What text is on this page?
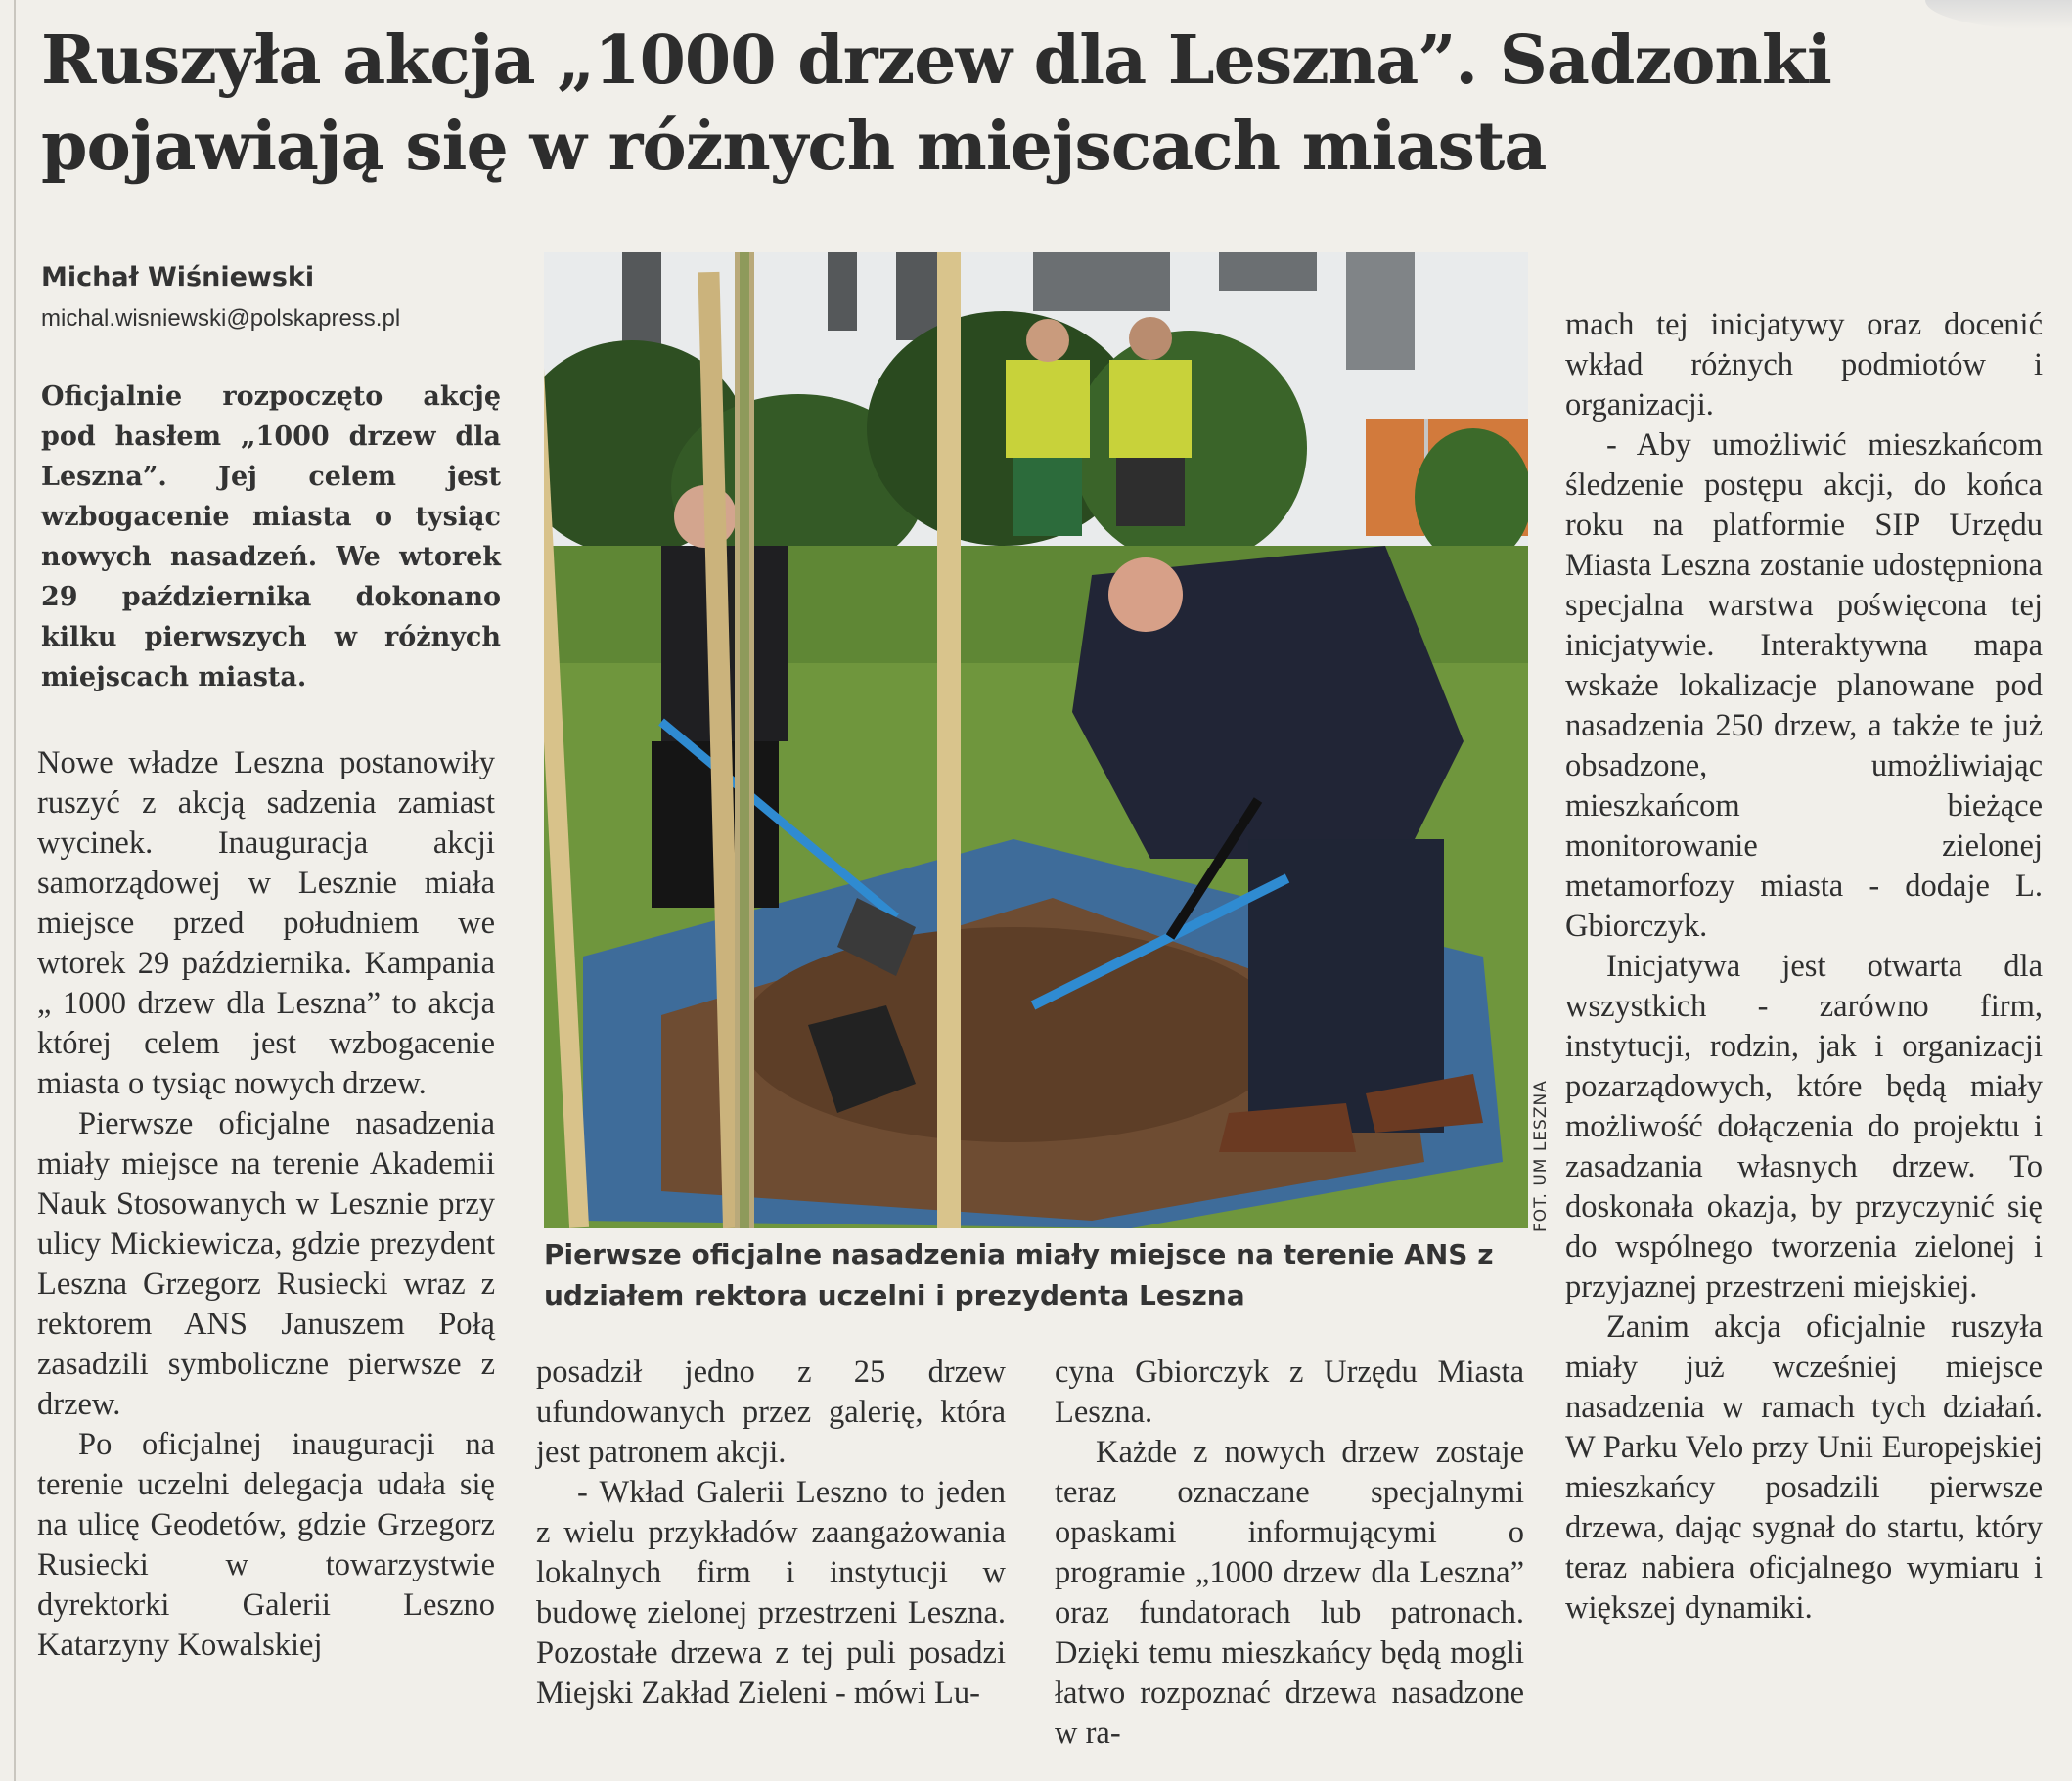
Ruszyła akcja „1000 drzew dla Leszna”. Sadzonki pojawiają się w różnych miejscach miasta

Michał Wiśniewski

michal.wisniewski@polskapress.pl

Oficjalnie rozpoczęto akcję pod hasłem „1000 drzew dla Leszna”. Jej celem jest wzbogacenie miasta o tysiąc nowych nasadzeń. We wtorek 29 października dokonano kilku pierwszych w różnych miejscach miasta.

Nowe władze Leszna postanowiły ruszyć z akcją sadzenia zamiast wycinek. Inauguracja akcji samorządowej w Lesznie miała miejsce przed południem we wtorek 29 października. Kampania „ 1000 drzew dla Leszna” to akcja której celem jest wzbogacenie miasta o tysiąc nowych drzew.

Pierwsze oficjalne nasadzenia miały miejsce na terenie Akademii Nauk Stosowanych w Lesznie przy ulicy Mickiewicza, gdzie prezydent Leszna Grzegorz Rusiecki wraz z rektorem ANS Januszem Połą zasadzili symboliczne pierwsze z drzew.

Po oficjalnej inauguracji na terenie uczelni delegacja udała się na ulicę Geodetów, gdzie Grzegorz Rusiecki w towarzystwie dyrektorki Galerii Leszno Katarzyny Kowalskiej

FOT. UM LESZNA

Pierwsze oficjalne nasadzenia miały miejsce na terenie ANS z udziałem rektora uczelni i prezydenta Leszna

posadził jedno z 25 drzew ufundowanych przez galerię, która jest patronem akcji.

- Wkład Galerii Leszno to jeden z wielu przykładów zaangażowania lokalnych firm i instytucji w budowę zielonej przestrzeni Leszna. Pozostałe drzewa z tej puli posadzi Miejski Zakład Zieleni - mówi Lu-

cyna Gbiorczyk z Urzędu Miasta Leszna.

Każde z nowych drzew zostaje teraz oznaczane specjalnymi opaskami informującymi o programie „1000 drzew dla Leszna” oraz fundatorach lub patronach. Dzięki temu mieszkańcy będą mogli łatwo rozpoznać drzewa nasadzone w ra-

mach tej inicjatywy oraz docenić wkład różnych podmiotów i organizacji.

- Aby umożliwić mieszkańcom śledzenie postępu akcji, do końca roku na platformie SIP Urzędu Miasta Leszna zostanie udostępniona specjalna warstwa poświęcona tej inicjatywie. Interaktywna mapa wskaże lokalizacje planowane pod nasadzenia 250 drzew, a także te już obsadzone, umożliwiając mieszkańcom bieżące monitorowanie zielonej metamorfozy miasta - dodaje L. Gbiorczyk.

Inicjatywa jest otwarta dla wszystkich - zarówno firm, instytucji, rodzin, jak i organizacji pozarządowych, które będą miały możliwość dołączenia do projektu i zasadzania własnych drzew. To doskonała okazja, by przyczynić się do wspólnego tworzenia zielonej i przyjaznej przestrzeni miejskiej.

Zanim akcja oficjalnie ruszyła miały już wcześniej miejsce nasadzenia w ramach tych działań. W Parku Velo przy Unii Europejskiej mieszkańcy posadzili pierwsze drzewa, dając sygnał do startu, który teraz nabiera oficjalnego wymiaru i większej dynamiki.
